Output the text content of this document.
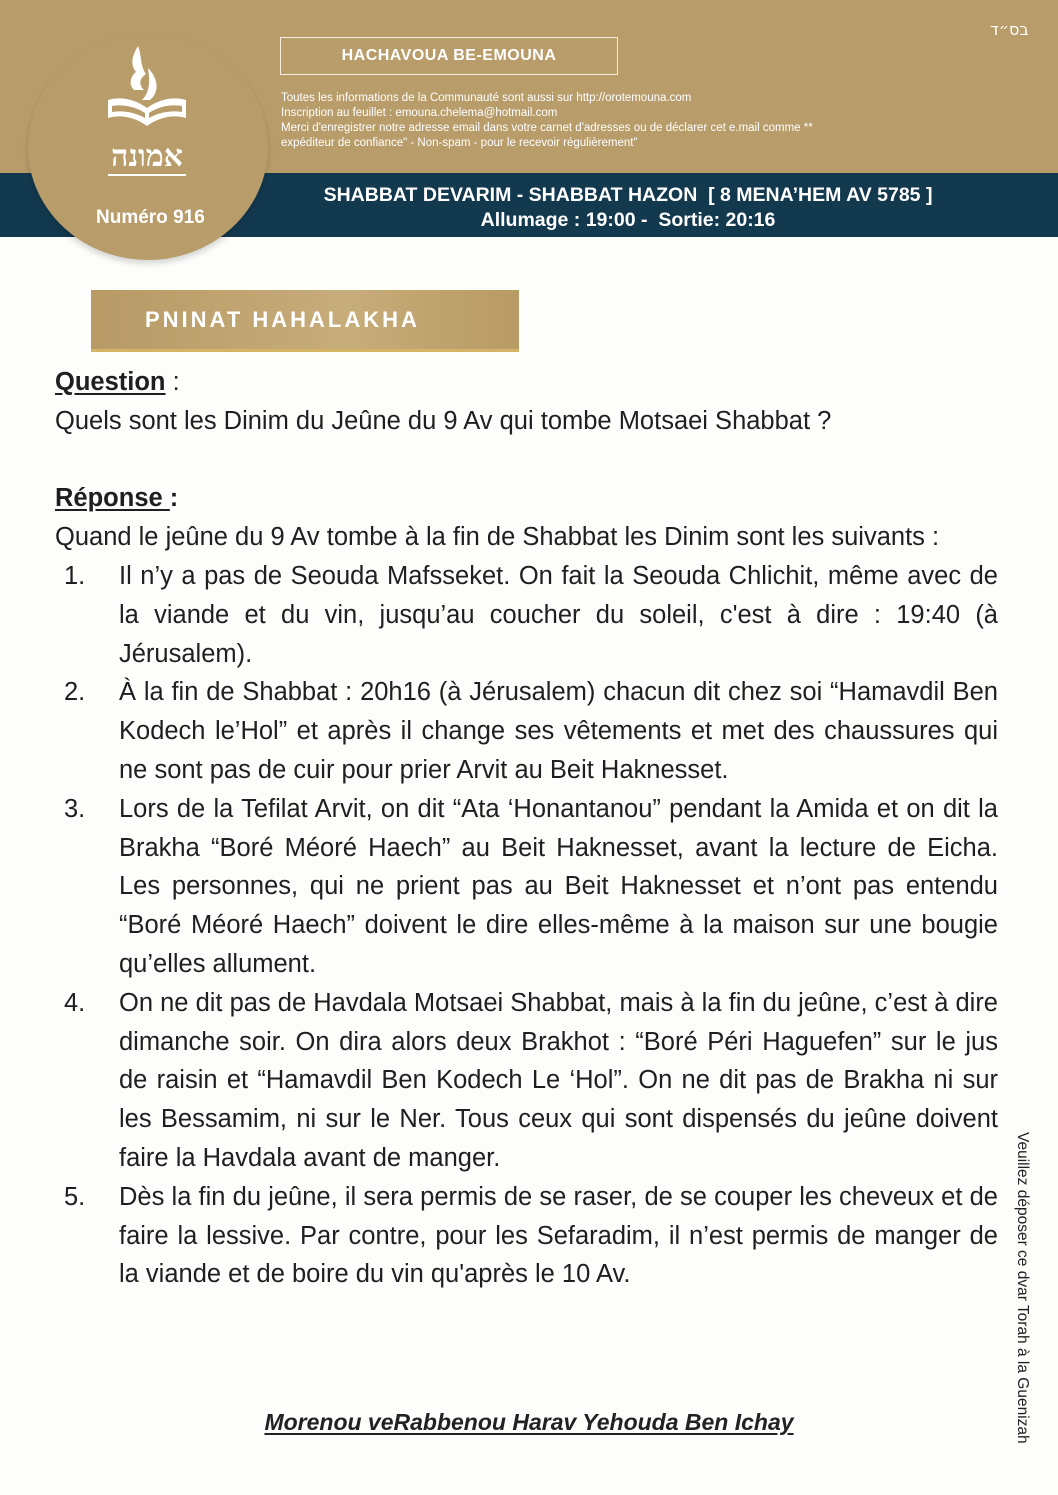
אמונה
Numéro 916
בס״ד
HACHAVOUA BE-EMOUNA
Toutes les informations de la Communauté sont aussi sur http://orotemouna.com
Inscription au feuillet : emouna.chelema@hotmail.com
Merci d'enregistrer notre adresse email dans votre carnet d'adresses ou de déclarer cet e.mail comme **
expéditeur de confiance" - Non-spam - pour le recevoir régulièrement"
SHABBAT DEVARIM - SHABBAT HAZON  [ 8 MENA’HEM AV 5785 ]
Allumage : 19:00 -  Sortie: 20:16
PNINAT HAHALAKHA
Question :
Quels sont les Dinim du Jeûne du 9 Av qui tombe Motsaei Shabbat ?
Réponse :
Quand le jeûne du 9 Av tombe à la fin de Shabbat les Dinim sont les suivants :
1.	Il n’y a pas de Seouda Mafsseket. On fait la Seouda Chlichit, même avec de la viande et du vin, jusqu’au coucher du soleil, c'est à dire : 19:40 (à Jérusalem).
2.	À la fin de Shabbat : 20h16 (à Jérusalem) chacun dit chez soi “Hamavdil Ben Kodech le’Hol” et après il change ses vêtements et met des chaussures qui ne sont pas de cuir pour prier Arvit au Beit Haknesset.
3.	Lors de la Tefilat Arvit, on dit “Ata ‘Honantanou” pendant la Amida et on dit la Brakha “Boré Méoré Haech” au Beit Haknesset, avant la lecture de Eicha. Les personnes, qui ne prient pas au Beit Haknesset et n’ont pas entendu “Boré Méoré Haech” doivent le dire elles-même à la maison sur une bougie qu’elles allument.
4.	On ne dit pas de Havdala Motsaei Shabbat, mais à la fin du jeûne, c’est à dire dimanche soir. On dira alors deux Brakhot : “Boré Péri Haguefen” sur le jus de raisin et “Hamavdil Ben Kodech Le ‘Hol”. On ne dit pas de Brakha ni sur les Bessamim, ni sur le Ner. Tous ceux qui sont dispensés du jeûne doivent faire la Havdala avant de manger.
5.	Dès la fin du jeûne, il sera permis de se raser, de se couper les cheveux et de faire la lessive. Par contre, pour les Sefaradim, il n’est permis de manger de la viande et de boire du vin qu'après le 10 Av.
Morenou veRabbenou Harav Yehouda Ben Ichay	Veuillez déposer ce dvar Torah à la Guenizah
